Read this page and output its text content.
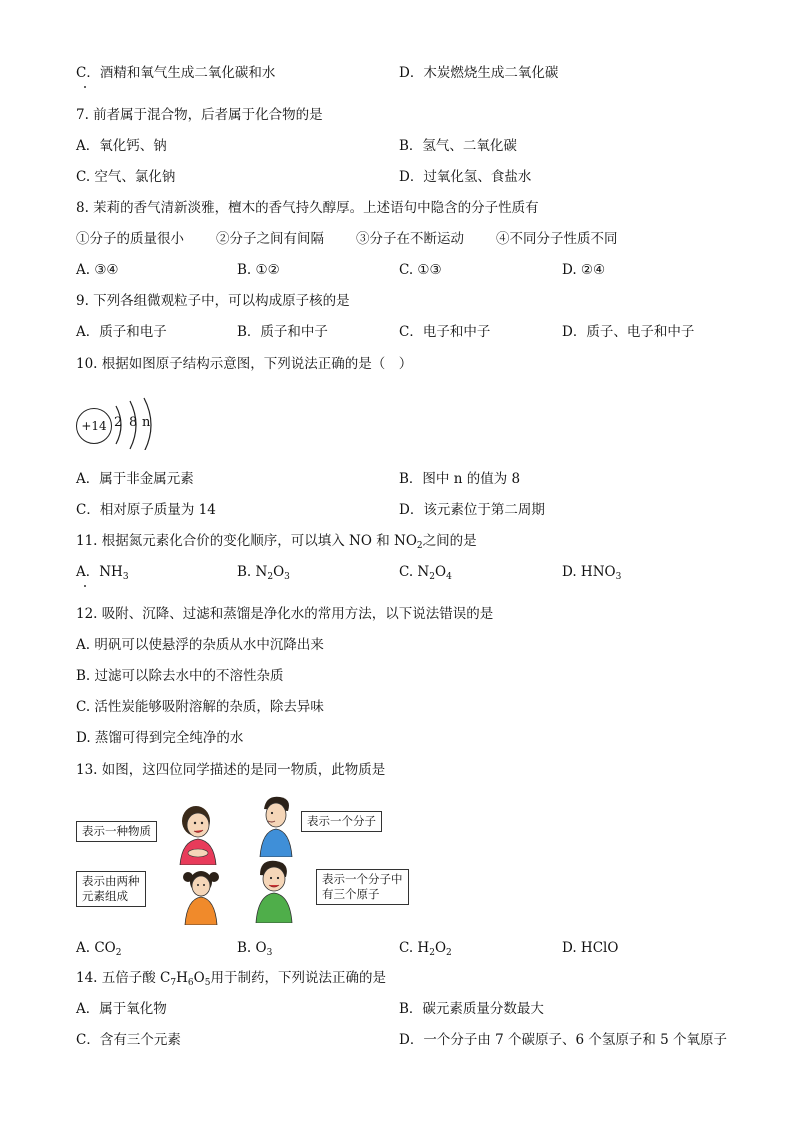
C．酒精和氧气生成二氧化碳和水	D．木炭燃烧生成二氧化碳
7. 前者属于混合物，后者属于化合物的是
A．氧化钙、钠	B．氢气、二氧化碳
C. 空气、氯化钠	D．过氧化氢、食盐水
8. 茉莉的香气清新淡雅，檀木的香气持久醇厚。上述语句中隐含的分子性质有
①分子的质量很小 ②分子之间有间隔 ③分子在不断运动 ④不同分子性质不同
A. ③④	B. ①②	C. ①③	D. ②④
9. 下列各组微观粒子中，可以构成原子核的是
A．质子和电子	B．质子和中子	C．电子和中子	D．质子、电子和中子
10. 根据如图原子结构示意图，下列说法正确的是（　）
+14 2 8 n
A．属于非金属元素	B．图中 n 的值为 8
C．相对原子质量为 14	D．该元素位于第二周期
11. 根据氮元素化合价的变化顺序，可以填入 NO 和 $NO_2$之间的是
A．$NH_3$	B. $N_2O_3$	C. $N_2O_4$	D. $HNO_3$
12. 吸附、沉降、过滤和蒸馏是净化水的常用方法，以下说法错误的是
A. 明矾可以使悬浮的杂质从水中沉降出来
B. 过滤可以除去水中的不溶性杂质
C. 活性炭能够吸附溶解的杂质，除去异味
D. 蒸馏可得到完全纯净的水
13. 如图，这四位同学描述的是同一物质，此物质是
表示一种物质
表示一个分子
表示由两种
元素组成
表示一个分子中
有三个原子
A. $CO_2$	B. $O_3$	C. $H_2O_2$	D. HClO
14. 五倍子酸 $C_7H_6O_5$用于制药，下列说法正确的是
A．属于氧化物	B．碳元素质量分数最大
C．含有三个元素	D．一个分子由 7 个碳原子、6 个氢原子和 5 个氧原子
